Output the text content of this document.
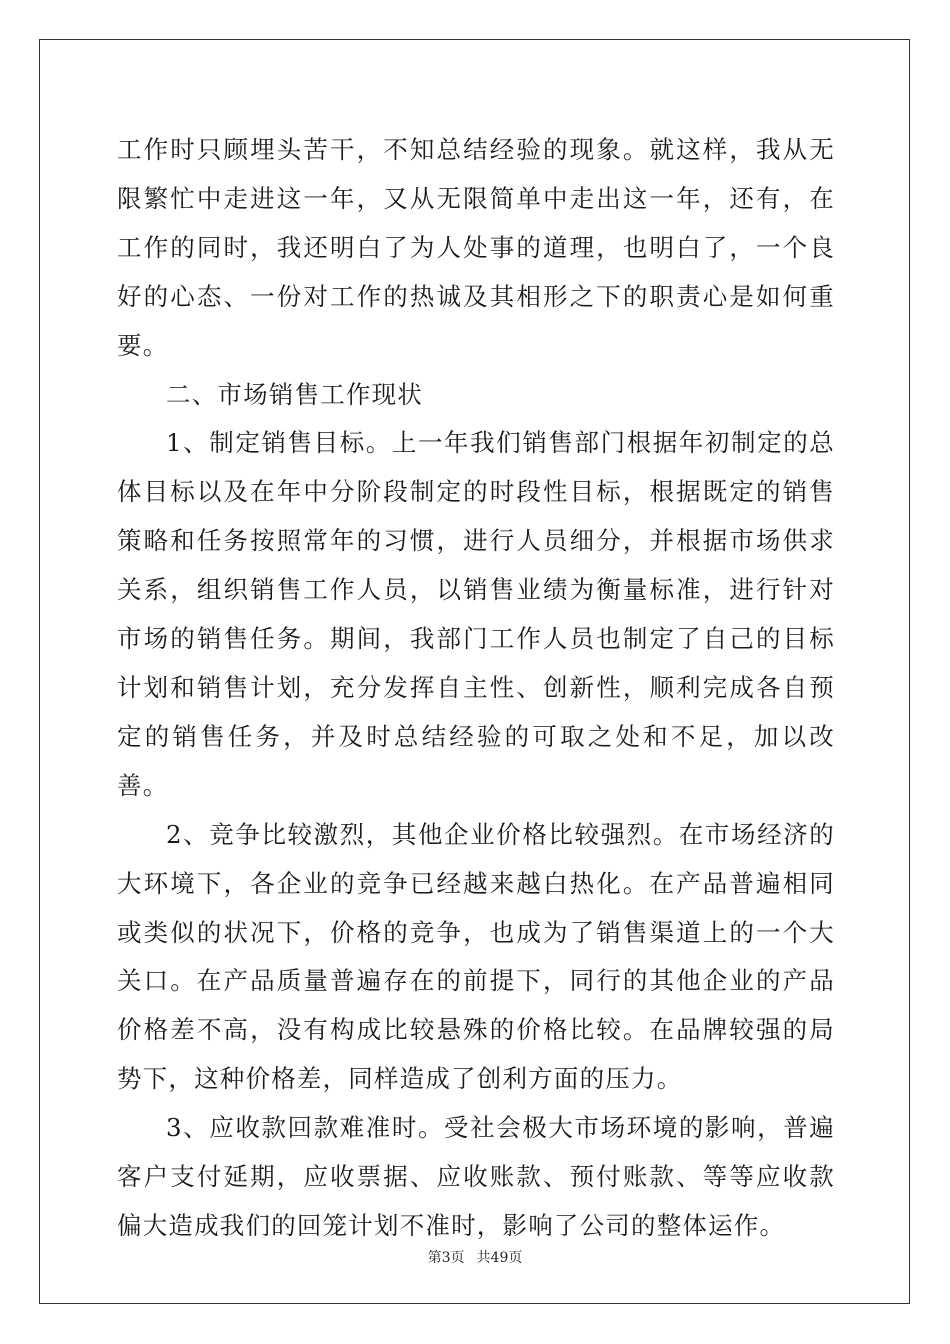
工作时只顾埋头苦干，不知总结经验的现象。就这样，我从无限繁忙中走进这一年，又从无限简单中走出这一年，还有，在工作的同时，我还明白了为人处事的道理，也明白了，一个良好的心态、一份对工作的热诚及其相形之下的职责心是如何重要。

二、市场销售工作现状

1、制定销售目标。上一年我们销售部门根据年初制定的总体目标以及在年中分阶段制定的时段性目标，根据既定的销售策略和任务按照常年的习惯，进行人员细分，并根据市场供求关系，组织销售工作人员，以销售业绩为衡量标准，进行针对市场的销售任务。期间，我部门工作人员也制定了自己的目标计划和销售计划，充分发挥自主性、创新性，顺利完成各自预定的销售任务，并及时总结经验的可取之处和不足，加以改善。

2、竞争比较激烈，其他企业价格比较强烈。在市场经济的大环境下，各企业的竞争已经越来越白热化。在产品普遍相同或类似的状况下，价格的竞争，也成为了销售渠道上的一个大关口。在产品质量普遍存在的前提下，同行的其他企业的产品价格差不高，没有构成比较悬殊的价格比较。在品牌较强的局势下，这种价格差，同样造成了创利方面的压力。

3、应收款回款难准时。受社会极大市场环境的影响，普遍客户支付延期，应收票据、应收账款、预付账款、等等应收款偏大造成我们的回笼计划不准时，影响了公司的整体运作。

第3页 共49页
